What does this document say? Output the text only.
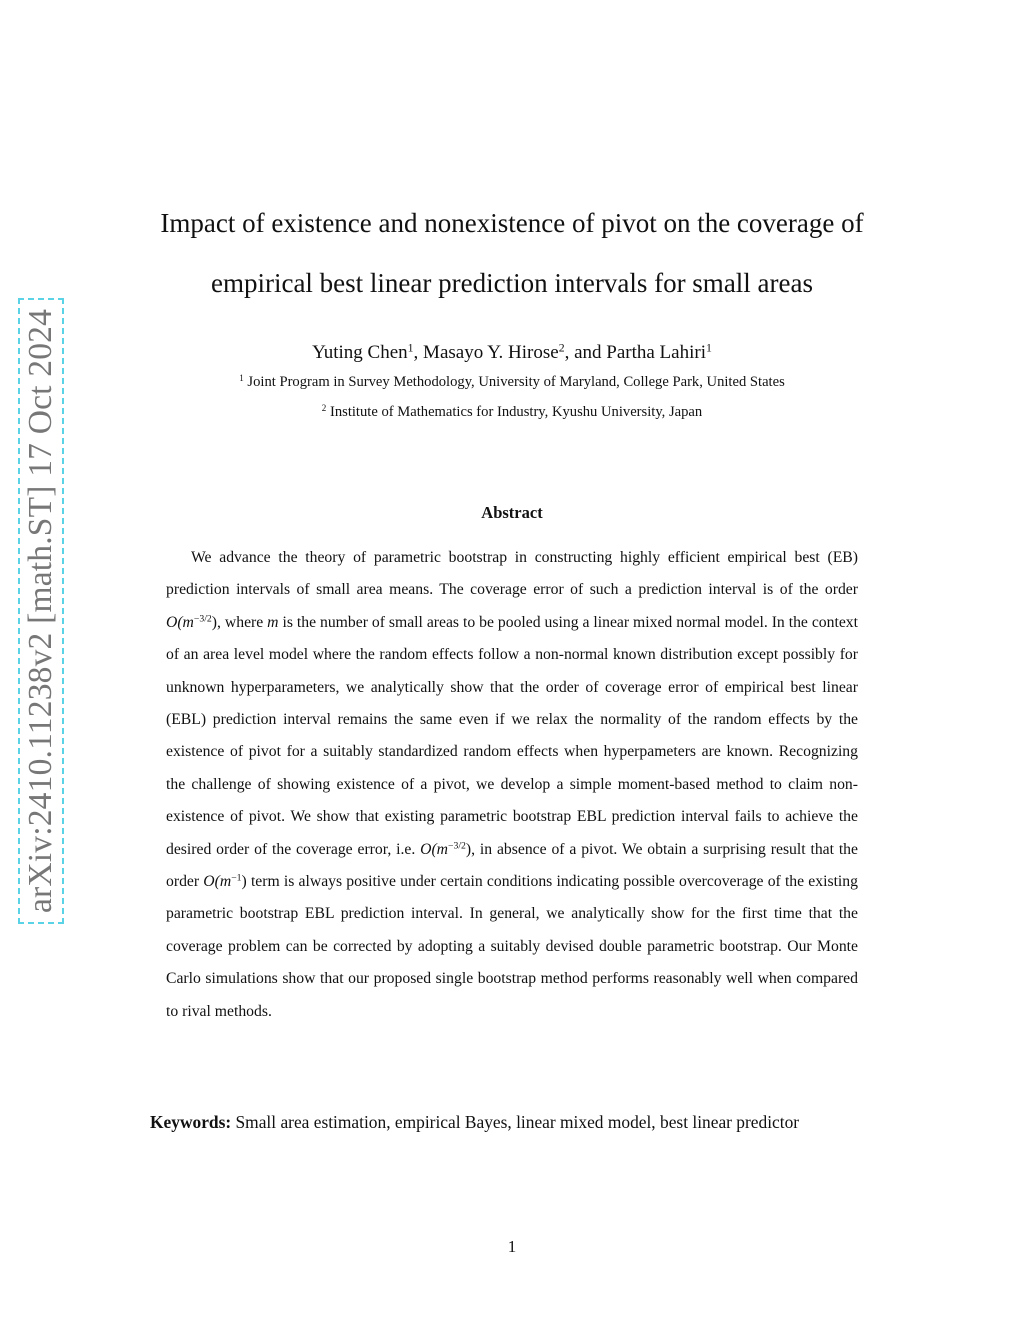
arXiv:2410.11238v2 [math.ST] 17 Oct 2024
Impact of existence and nonexistence of pivot on the coverage of
empirical best linear prediction intervals for small areas
Yuting Chen$^1$, Masayo Y. Hirose$^2$, and Partha Lahiri$^1$
$^1$ Joint Program in Survey Methodology, University of Maryland, College Park, United States
$^2$ Institute of Mathematics for Industry, Kyushu University, Japan
Abstract
We advance the theory of parametric bootstrap in constructing highly efficient empirical best (EB) prediction intervals of small area means. The coverage error of such a prediction interval is of the order $O(m^{-3/2})$, where m is the number of small areas to be pooled using a linear mixed normal model. In the context of an area level model where the random effects follow a non-normal known distribution except possibly for unknown hyperparameters, we analytically show that the order of coverage error of empirical best linear (EBL) prediction interval remains the same even if we relax the normality of the random effects by the existence of pivot for a suitably standardized random effects when hyperpameters are known. Recognizing the challenge of showing existence of a pivot, we develop a simple moment-based method to claim non-existence of pivot. We show that existing parametric bootstrap EBL prediction interval fails to achieve the desired order of the coverage error, i.e. $O(m^{-3/2})$, in absence of a pivot. We obtain a surprising result that the order $O(m^{-1})$ term is always positive under certain conditions indicating possible overcoverage of the existing parametric bootstrap EBL prediction interval. In general, we analytically show for the first time that the coverage problem can be corrected by adopting a suitably devised double parametric bootstrap. Our Monte Carlo simulations show that our proposed single bootstrap method performs reasonably well when compared to rival methods.
Keywords: Small area estimation, empirical Bayes, linear mixed model, best linear predictor
1
